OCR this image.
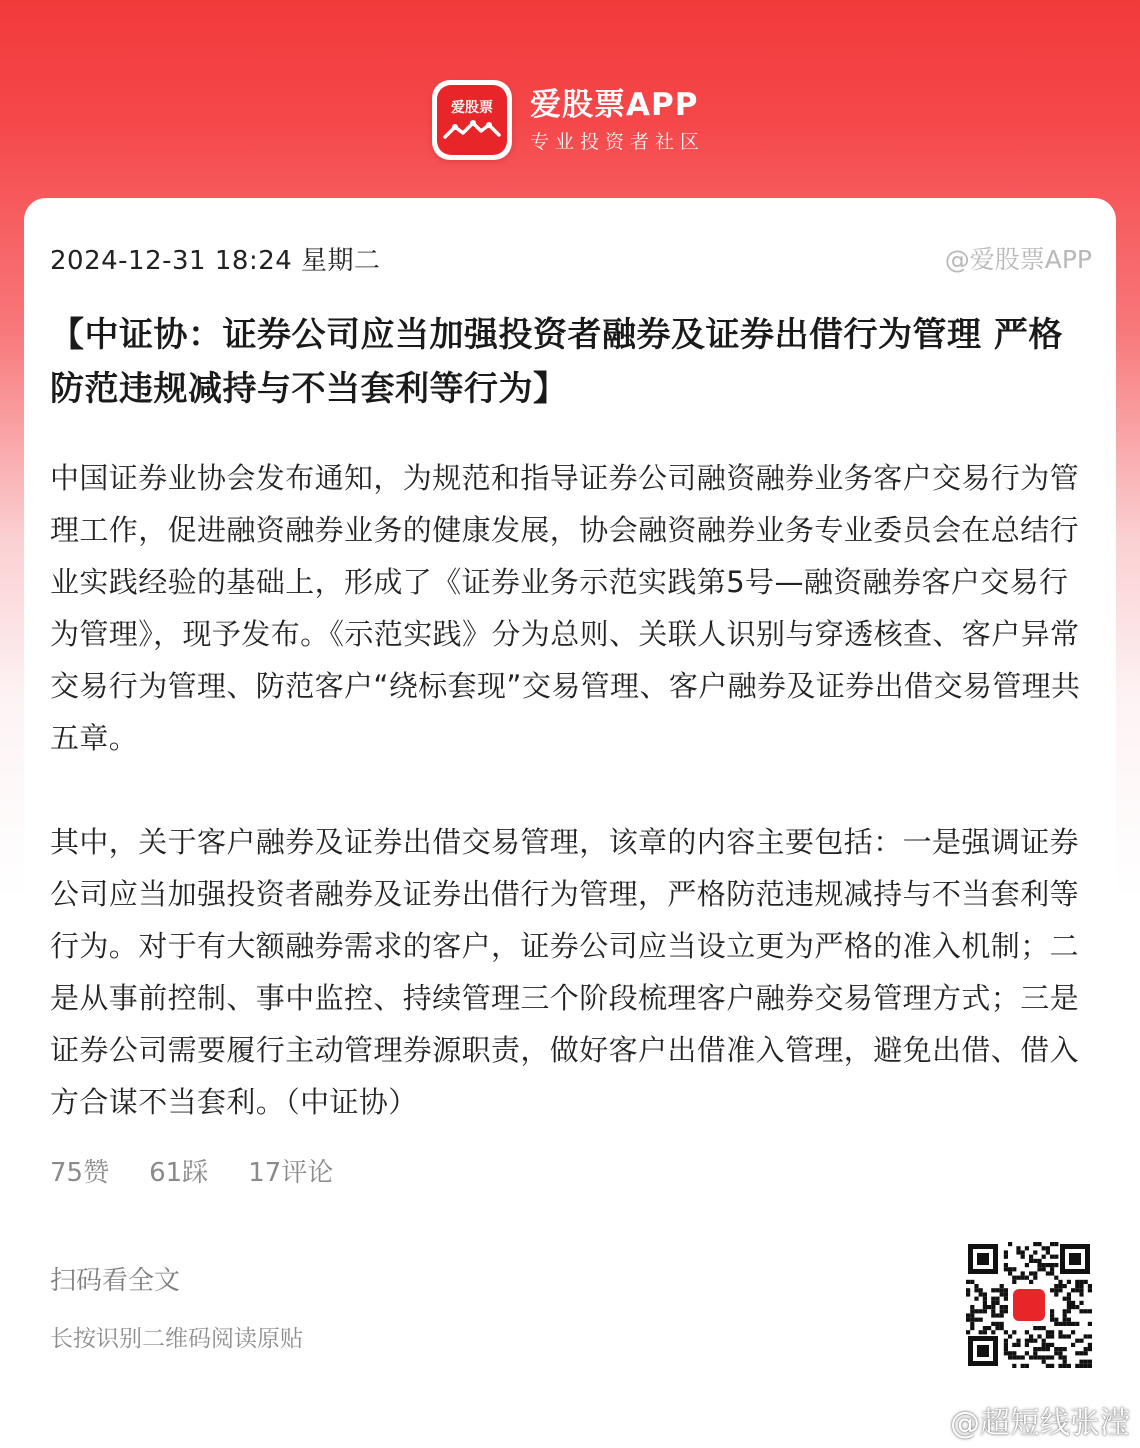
爱股票	爱股票APP
专业投资者社区
2024-12-31 18:24 星期二	@爱股票APP
【中证协：证券公司应当加强投资者融券及证券出借行为管理 严格防范违规减持与不当套利等行为】

中国证券业协会发布通知，为规范和指导证券公司融资融券业务客户交易行为管理工作，促进融资融券业务的健康发展，协会融资融券业务专业委员会在总结行业实践经验的基础上，形成了《证券业务示范实践第5号—融资融券客户交易行为管理》，现予发布。《示范实践》分为总则、关联人识别与穿透核查、客户异常交易行为管理、防范客户“绕标套现”交易管理、客户融券及证券出借交易管理共五章。

其中，关于客户融券及证券出借交易管理，该章的内容主要包括：一是强调证券公司应当加强投资者融券及证券出借行为管理，严格防范违规减持与不当套利等行为。对于有大额融券需求的客户，证券公司应当设立更为严格的准入机制；二是从事前控制、事中监控、持续管理三个阶段梳理客户融券交易管理方式；三是证券公司需要履行主动管理券源职责，做好客户出借准入管理，避免出借、借入方合谋不当套利。（中证协）

75赞 61踩 17评论
扫码看全文
长按识别二维码阅读原贴
@超短线张滢
